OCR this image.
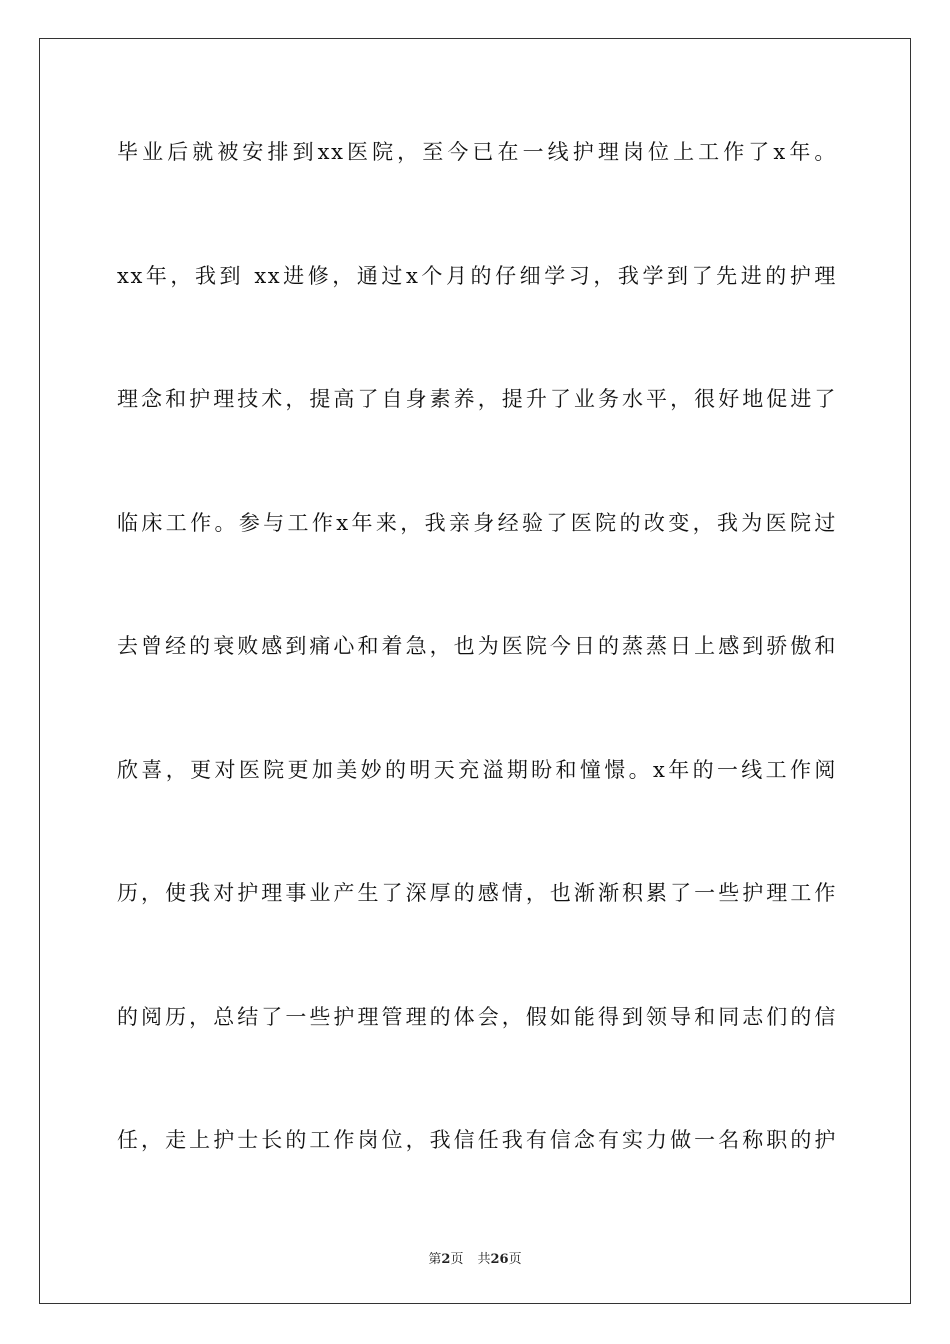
毕业后就被安排到xx医院，至今已在一线护理岗位上工作了x年。
xx年，我到 xx进修，通过x个月的仔细学习，我学到了先进的护理
理念和护理技术，提高了自身素养，提升了业务水平，很好地促进了
临床工作。参与工作x年来，我亲身经验了医院的改变，我为医院过
去曾经的衰败感到痛心和着急，也为医院今日的蒸蒸日上感到骄傲和
欣喜，更对医院更加美妙的明天充溢期盼和憧憬。x年的一线工作阅
历，使我对护理事业产生了深厚的感情，也渐渐积累了一些护理工作
的阅历，总结了一些护理管理的体会，假如能得到领导和同志们的信
任，走上护士长的工作岗位，我信任我有信念有实力做一名称职的护
第2页 共26页
